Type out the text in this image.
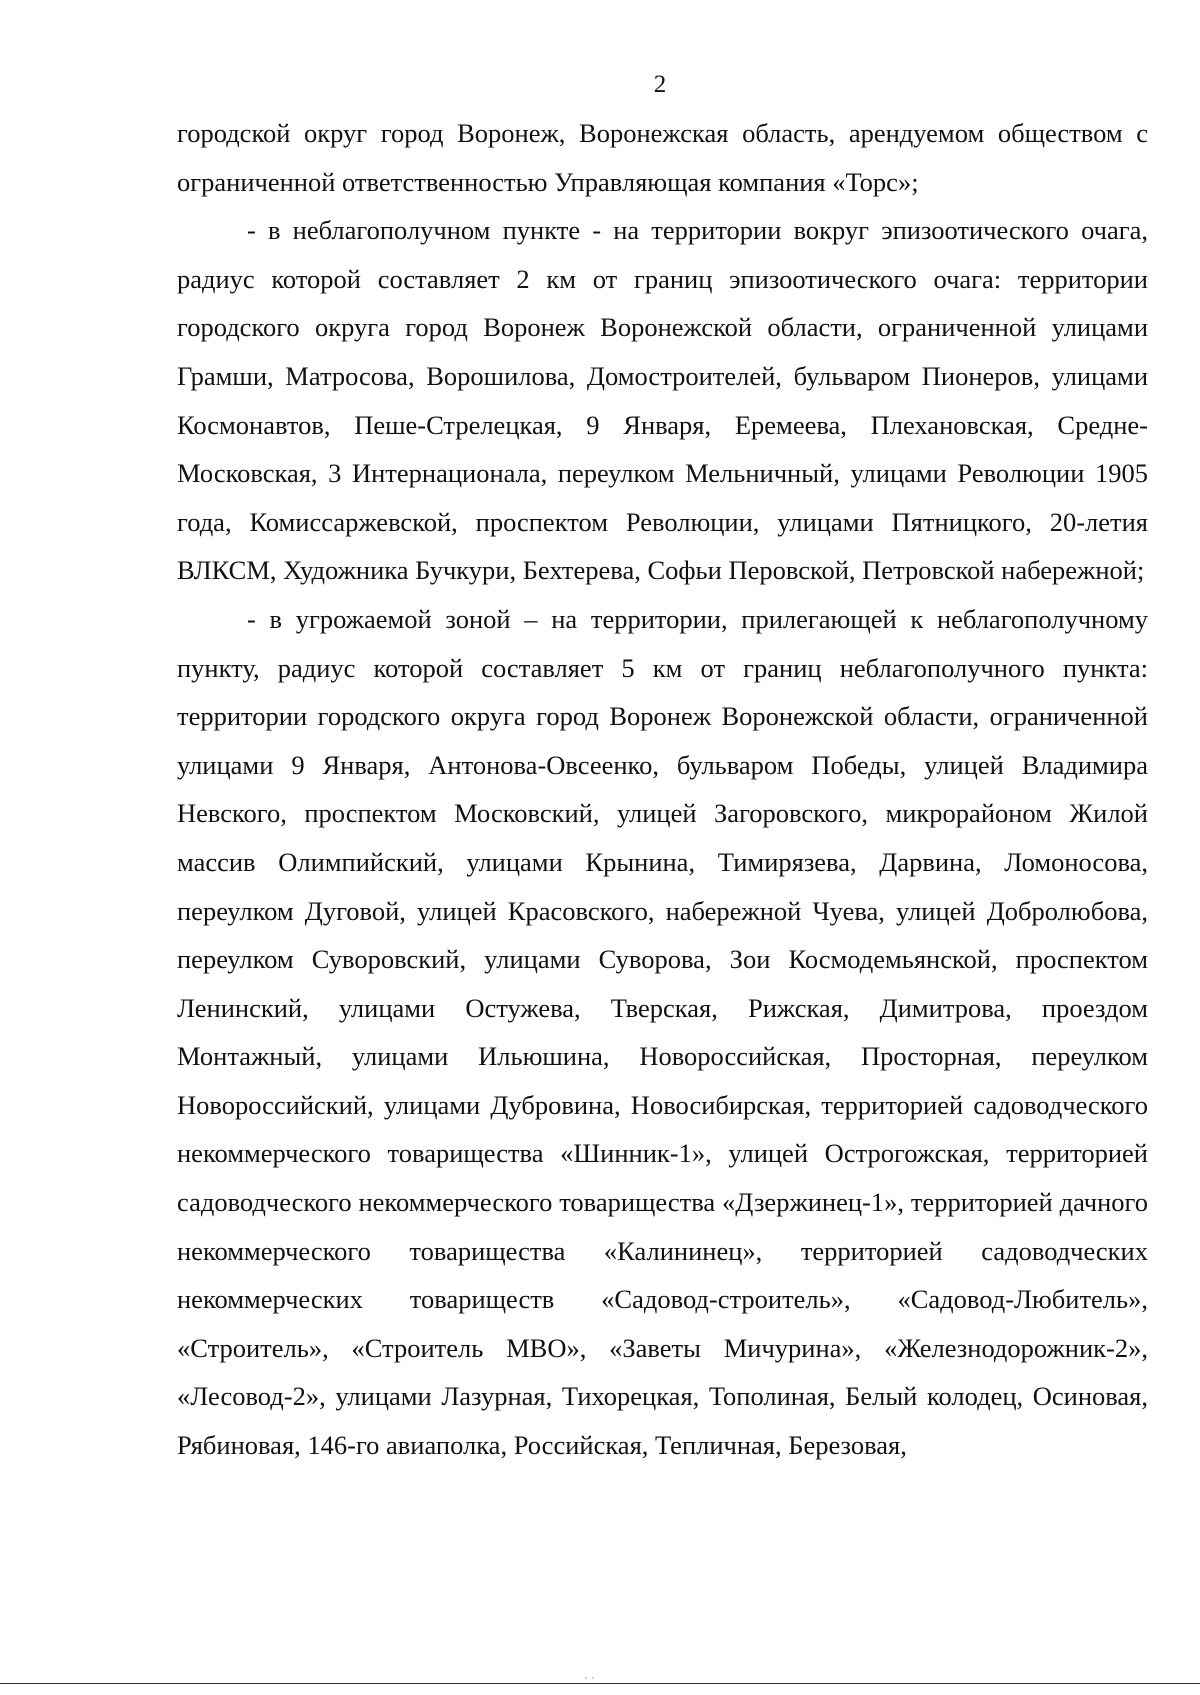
2

городской округ город Воронеж, Воронежская область, арендуемом обществом с ограниченной ответственностью Управляющая компания «Торс»;

- в неблагополучном пункте - на территории вокруг эпизоотического очага, радиус которой составляет 2 км от границ эпизоотического очага: территории городского округа город Воронеж Воронежской области, ограниченной улицами Грамши, Матросова, Ворошилова, Домостроителей, бульваром Пионеров, улицами Космонавтов, Пеше-Стрелецкая, 9 Января, Еремеева, Плехановская, Средне-Московская, 3 Интернационала, переулком Мельничный, улицами Революции 1905 года, Комиссаржевской, проспектом Революции, улицами Пятницкого, 20-летия ВЛКСМ, Художника Бучкури, Бехтерева, Софьи Перовской, Петровской набережной;

- в угрожаемой зоной – на территории, прилегающей к неблагополучному пункту, радиус которой составляет 5 км от границ неблагополучного пункта: территории городского округа город Воронеж Воронежской области, ограниченной улицами 9 Января, Антонова-Овсеенко, бульваром Победы, улицей Владимира Невского, проспектом Московский, улицей Загоровского, микрорайоном Жилой массив Олимпийский, улицами Крынина, Тимирязева, Дарвина, Ломоносова, переулком Дуговой, улицей Красовского, набережной Чуева, улицей Добролюбова, переулком Суворовский, улицами Суворова, Зои Космодемьянской, проспектом Ленинский, улицами Остужева, Тверская, Рижская, Димитрова, проездом Монтажный, улицами Ильюшина, Новороссийская, Просторная, переулком Новороссийский, улицами Дубровина, Новосибирская, территорией садоводческого некоммерческого товарищества «Шинник-1», улицей Острогожская, территорией садоводческого некоммерческого товарищества «Дзержинец-1», территорией дачного некоммерческого товарищества «Калининец», территорией садоводческих некоммерческих товариществ «Садовод-строитель», «Садовод-Любитель», «Строитель», «Строитель МВО», «Заветы Мичурина», «Железнодорожник-2», «Лесовод-2», улицами Лазурная, Тихорецкая, Тополиная, Белый колодец, Осиновая, Рябиновая, 146-го авиаполка, Российская, Тепличная, Березовая,

˙ ˙
